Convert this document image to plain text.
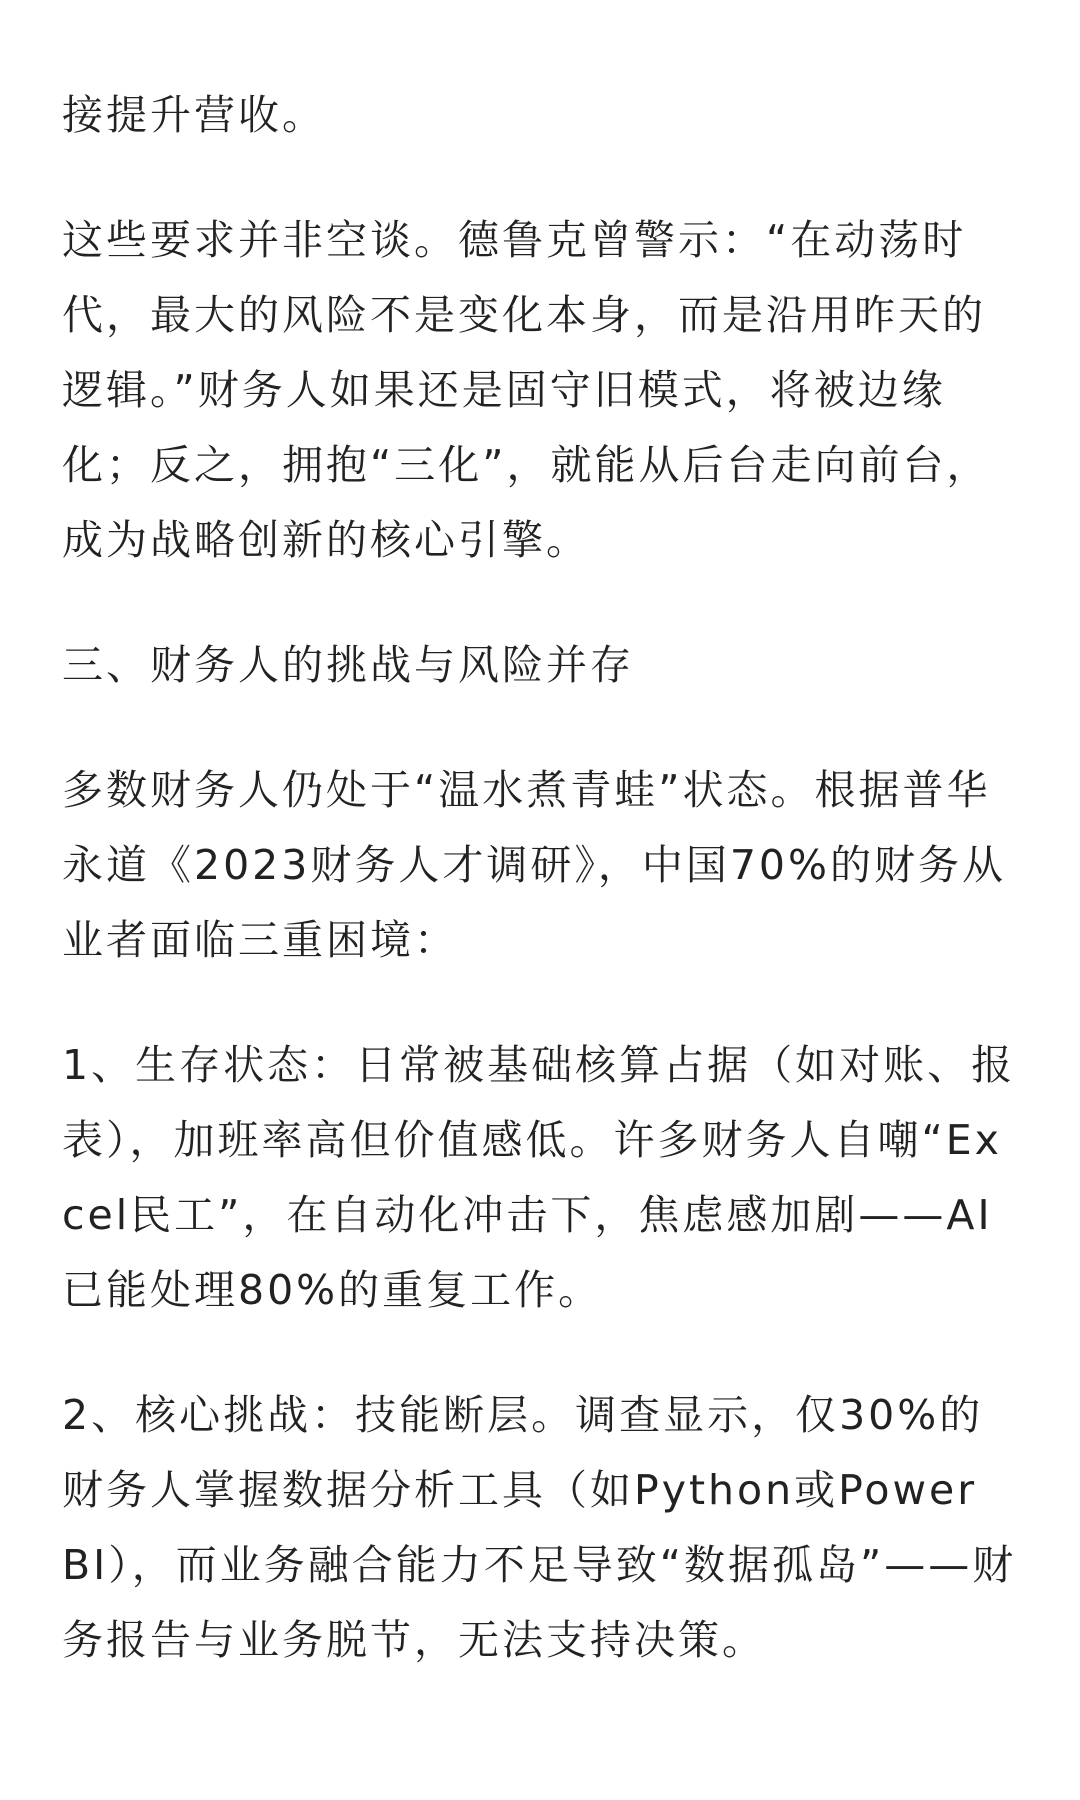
接提升营收。

这些要求并非空谈。德鲁克曾警示：“在动荡时代，最大的风险不是变化本身，而是沿用昨天的逻辑。”财务人如果还是固守旧模式，将被边缘化；反之，拥抱“三化”，就能从后台走向前台，成为战略创新的核心引擎。

三、财务人的挑战与风险并存

多数财务人仍处于“温水煮青蛙”状态。根据普华永道《2023财务人才调研》，中国70%的财务从业者面临三重困境：

1、生存状态：日常被基础核算占据（如对账、报表），加班率高但价值感低。许多财务人自嘲“Excel民工”，在自动化冲击下，焦虑感加剧——AI已能处理80%的重复工作。

2、核心挑战：技能断层。调查显示，仅30%的财务人掌握数据分析工具（如Python或Power BI），而业务融合能力不足导致“数据孤岛”——财务报告与业务脱节，无法支持决策。
